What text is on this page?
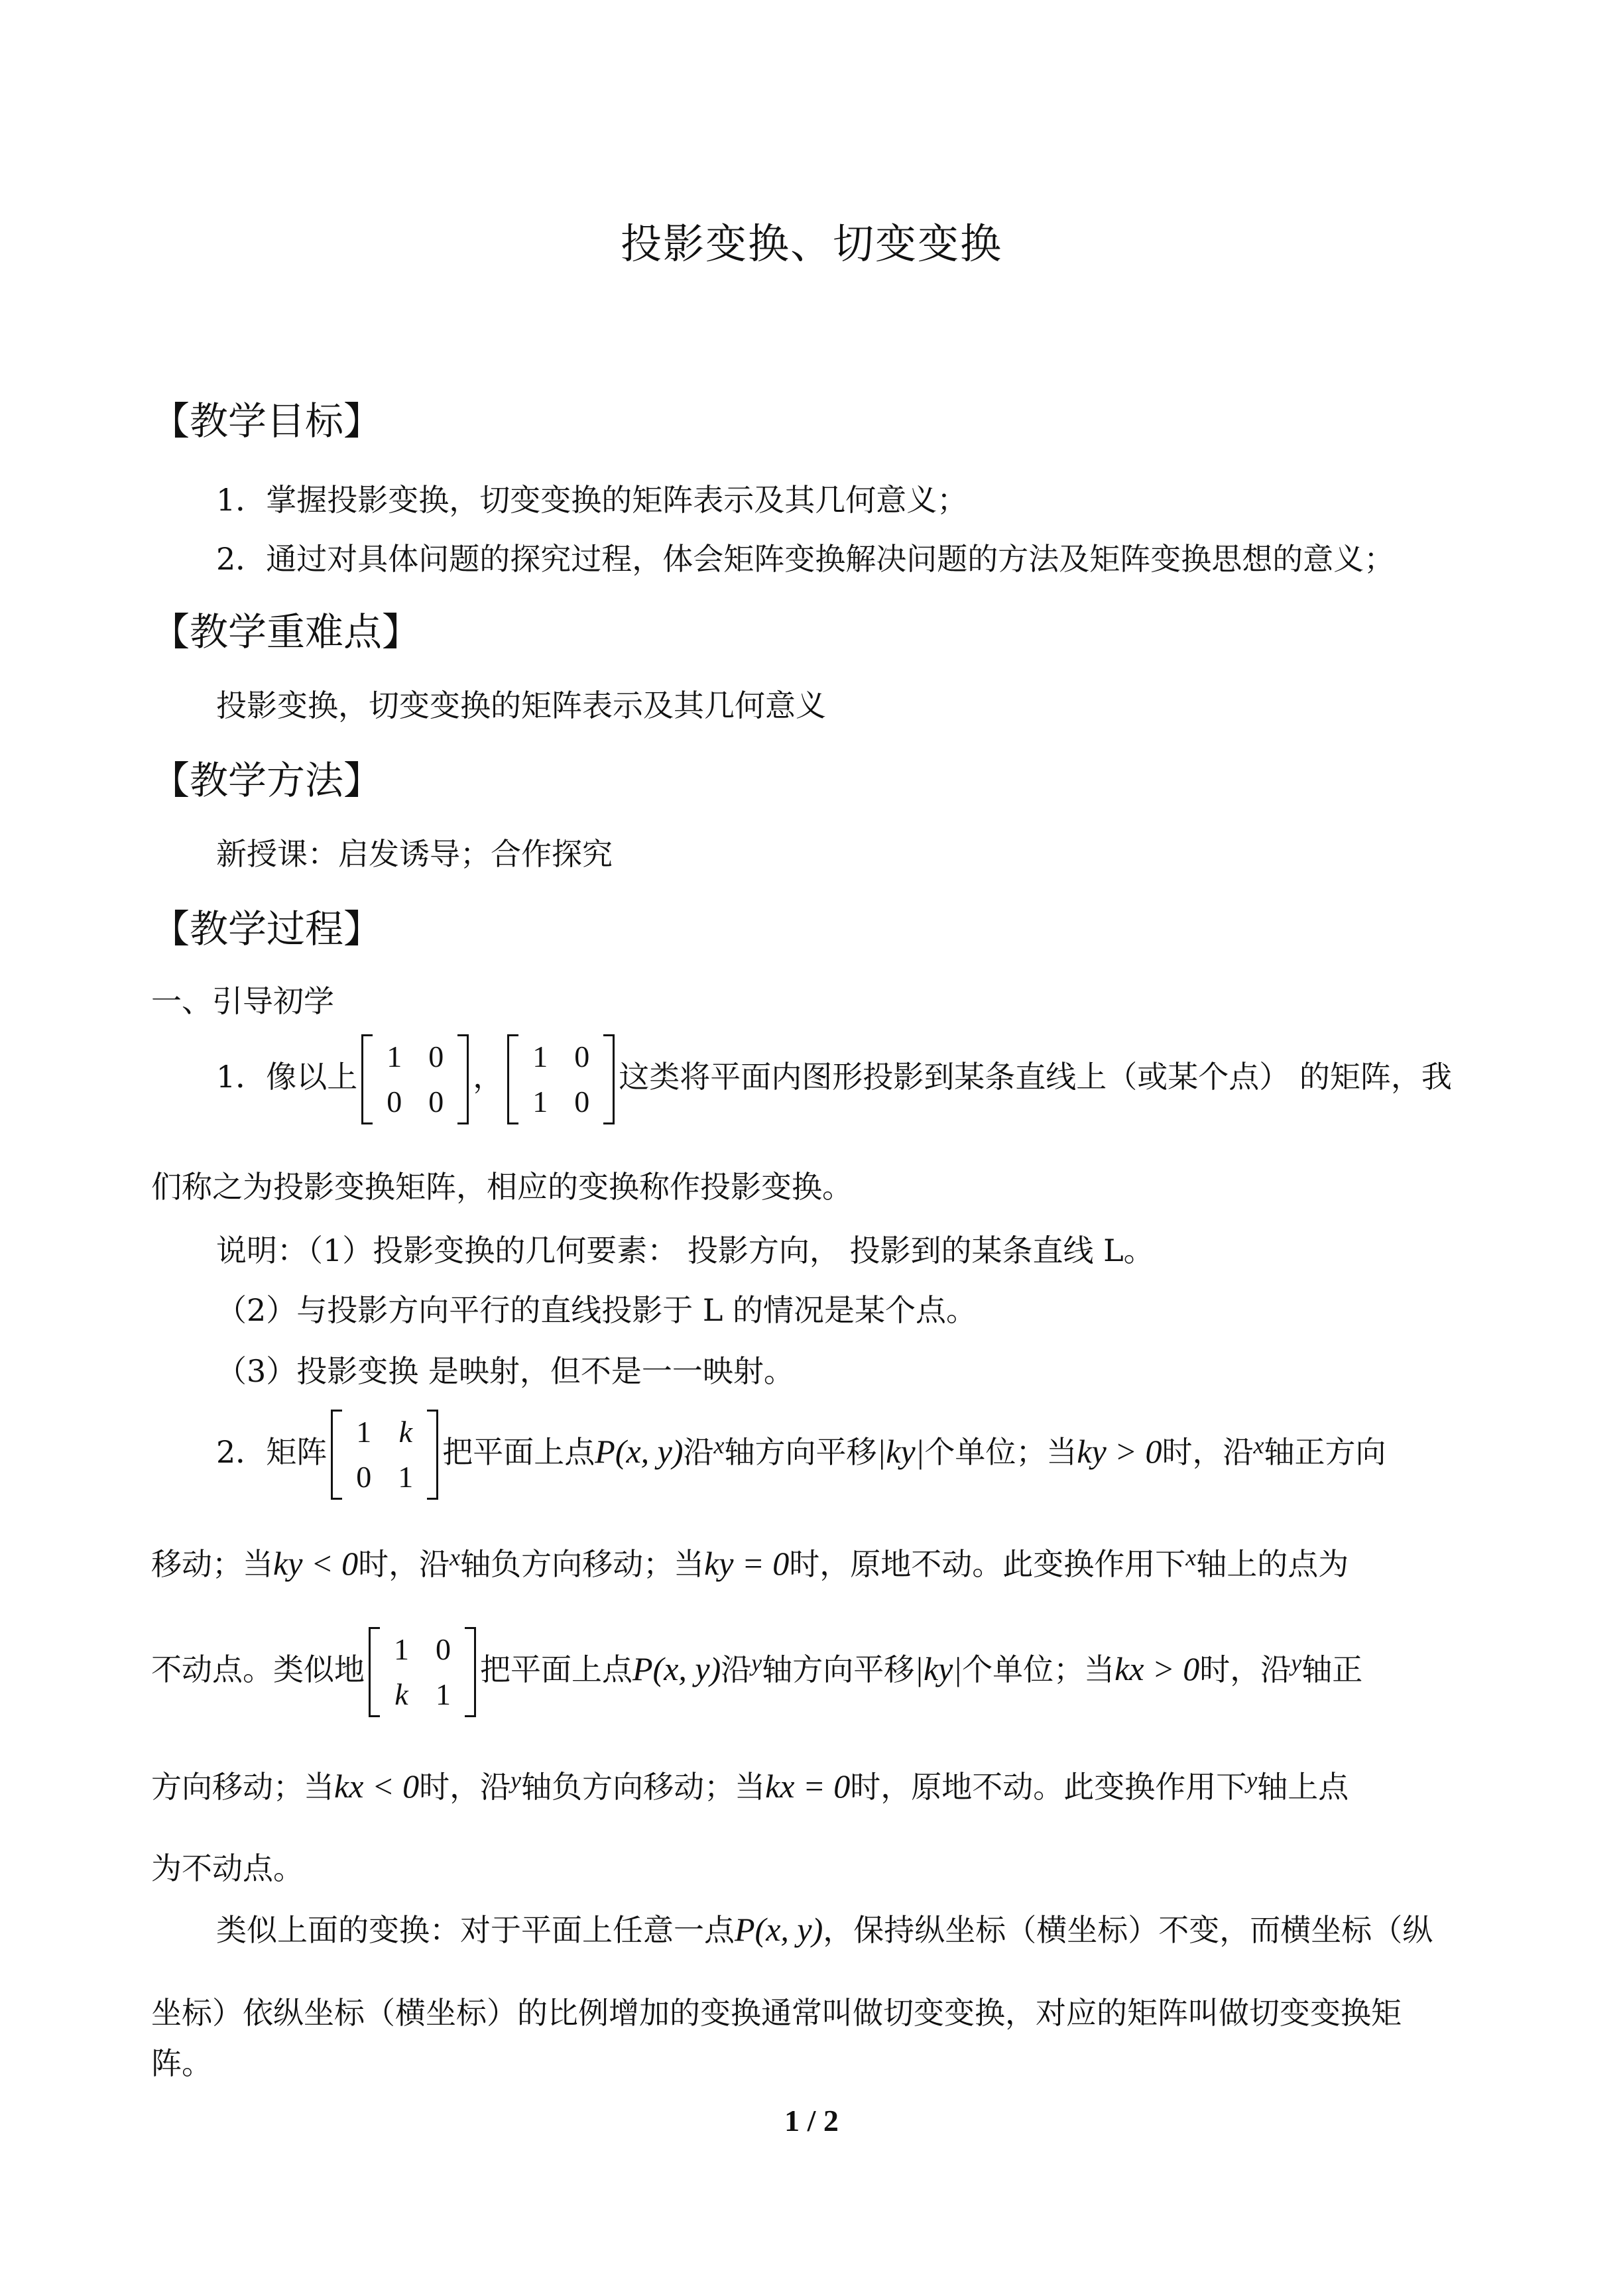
投影变换、切变变换
【教学目标】
1．掌握投影变换，切变变换的矩阵表示及其几何意义；
2．通过对具体问题的探究过程，体会矩阵变换解决问题的方法及矩阵变换思想的意义；
【教学重难点】
投影变换，切变变换的矩阵表示及其几何意义
【教学方法】
新授课：启发诱导；合作探究
【教学过程】
一、引导初学
1．像以上
1	0
0	0
，
1	0
1	0
这类将平面内图形投影到某条直线上（或某个点） 的矩阵，我
们称之为投影变换矩阵，相应的变换称作投影变换。
说明：（1）投影变换的几何要素： 投影方向， 投影到的某条直线 L。
（2）与投影方向平行的直线投影于 L 的情况是某个点。
（3）投影变换 是映射，但不是一一映射。
2．矩阵
1	k
0	1
把平面上点P(x, y)沿$^x$轴方向平移|ky|个单位；当ky > 0时，沿$^x$轴正方向
移动；当ky < 0时，沿$^x$轴负方向移动；当ky = 0时，原地不动。此变换作用下$^x$轴上的点为
不动点。类似地
1	0
k	1
把平面上点P(x, y)沿$^y$轴方向平移|ky|个单位；当kx > 0时，沿$^y$轴正
方向移动；当kx < 0时，沿$^y$轴负方向移动；当kx = 0时，原地不动。此变换作用下$^y$轴上点
为不动点。
类似上面的变换：对于平面上任意一点P(x, y)，保持纵坐标（横坐标）不变，而横坐标（纵
坐标）依纵坐标（横坐标）的比例增加的变换通常叫做切变变换，对应的矩阵叫做切变变换矩
阵。
1 / 2
